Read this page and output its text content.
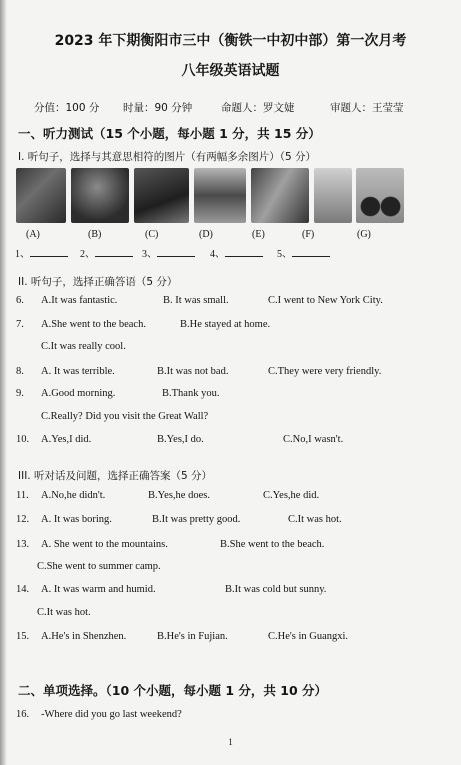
2023 年下期衡阳市三中（衡铁一中初中部）第一次月考
八年级英语试题
分值：100 分 时量：90 分钟	命题人：罗文婕	审题人：王莹莹
一、听力测试（15 个小题，每小题 1 分，共 15 分）
I. 听句子，选择与其意思相符的图片（有两幅多余图片）（5 分）
(A)	(B)	(C)	(D)	(E)	(F)	(G)
1、	2、	3、	4、	5、
II. 听句子，选择正确答语（5 分）
6. A.It was fantastic.	B. It was small.	C.I went to New York City.
7. A.She went to the beach.	B.He stayed at home.
C.It was really cool.
8. A. It was terrible.	B.It was not bad.	C.They were very friendly.
9. A.Good morning.	B.Thank you.
C.Really? Did you visit the Great Wall?
10. A.Yes,I did.	B.Yes,I do.	C.No,I wasn't.
III. 听对话及问题，选择正确答案（5 分）
11. A.No,he didn't.	B.Yes,he does.	C.Yes,he did.
12. A. It was boring.	B.It was pretty good.	C.It was hot.
13. A. She went to the mountains.	B.She went to the beach.
C.She went to summer camp.
14. A. It was warm and humid.	B.It was cold but sunny.
C.It was hot.
15. A.He's in Shenzhen.	B.He's in Fujian.	C.He's in Guangxi.
二、单项选择。（10 个小题，每小题 1 分，共 10 分）
16. -Where did you go last weekend?
1
